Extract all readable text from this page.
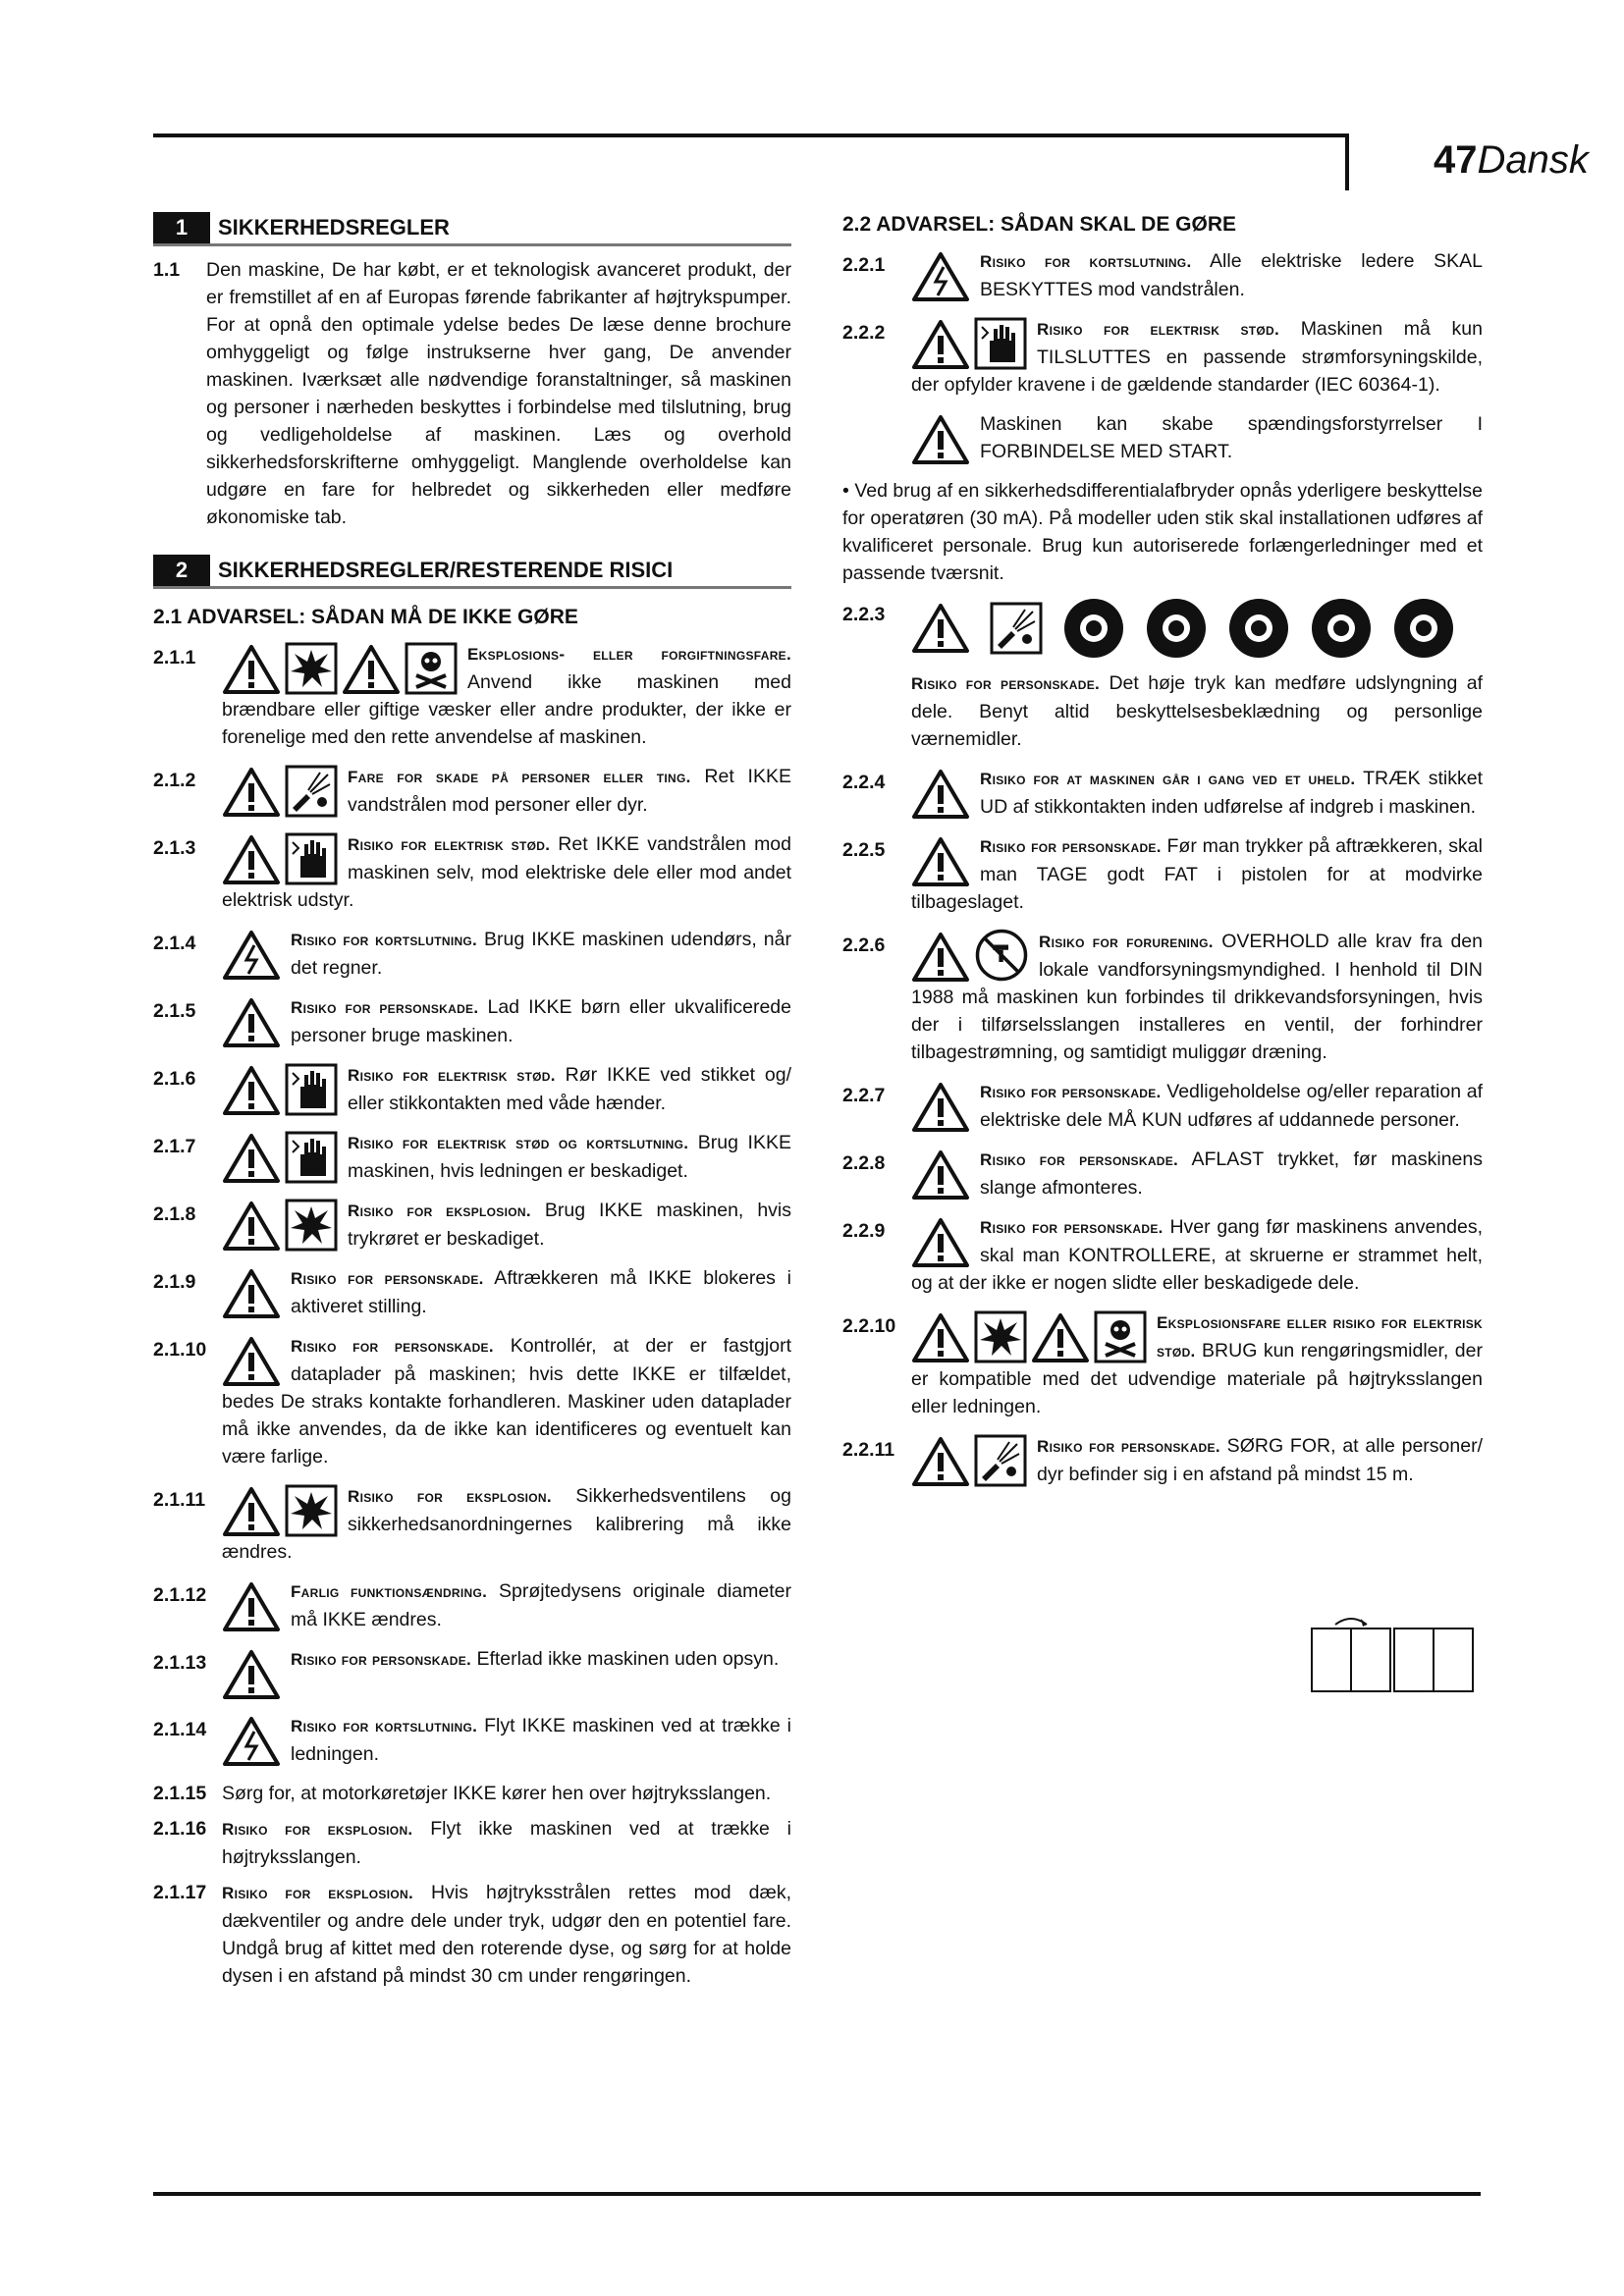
47Dansk
1	SIKKERHEDSREGLER
1.1 Den maskine, De har købt, er et teknologisk avanceret produkt, der er fremstillet af en af Europas førende fabrikanter af højtrykspumper. For at opnå den optimale ydelse bedes De læse denne brochure omhyggeligt og følge instrukserne hver gang, De anvender maskinen. Iværksæt alle nødvendige foranstaltninger, så maskinen og personer i nærheden beskyttes i forbindelse med tilslutning, brug og vedligeholdelse af maskinen. Læs og overhold sikkerhedsforskrifterne omhyggeligt. Manglende overholdelse kan udgøre en fare for helbredet og sikkerheden eller medføre økonomiske tab.
2	SIKKERHEDSREGLER/RESTERENDE RISICI
2.1 ADVARSEL: SÅDAN MÅ DE IKKE GØRE
2.1.1	Eksplosions- eller forgiftningsfare. Anvend ikke maskinen med brændbare eller giftige væsker eller andre produkter, der ikke er forenelige med den rette anvendelse af maskinen.
2.1.2	Fare for skade på personer eller ting. Ret IKKE vandstrålen mod personer eller dyr.
2.1.3	Risiko for elektrisk stød. Ret IKKE vandstrålen mod maskinen selv, mod elektriske dele eller mod andet elektrisk udstyr.
2.1.4	Risiko for kortslutning. Brug IKKE maskinen udendørs, når det regner.
2.1.5	Risiko for personskade. Lad IKKE børn eller ukvalificerede personer bruge maskinen.
2.1.6	Risiko for elektrisk stød. Rør IKKE ved stikket og/ eller stikkontakten med våde hænder.
2.1.7	Risiko for elektrisk stød og kortslutning. Brug IKKE maskinen, hvis ledningen er beskadiget.
2.1.8	Risiko for eksplosion. Brug IKKE maskinen, hvis trykrøret er beskadiget.
2.1.9	Risiko for personskade. Aftrækkeren må IKKE blokeres i aktiveret stilling.
2.1.10	Risiko for personskade. Kontrollér, at der er fastgjort dataplader på maskinen; hvis dette IKKE er tilfældet, bedes De straks kontakte forhandleren. Maskiner uden dataplader må ikke anvendes, da de ikke kan identificeres og eventuelt kan være farlige.
2.1.11	Risiko for eksplosion. Sikkerhedsventilens og sikkerhedsanordningernes kalibrering må ikke ændres.
2.1.12	Farlig funktionsændring. Sprøjtedysens originale diameter må IKKE ændres.
2.1.13	Risiko for personskade. Efterlad ikke maskinen uden opsyn.
2.1.14	Risiko for kortslutning. Flyt IKKE maskinen ved at trække i ledningen.
2.1.15 Sørg for, at motorkøretøjer IKKE kører hen over højtryksslangen.
2.1.16 Risiko for eksplosion. Flyt ikke maskinen ved at trække i højtryksslangen.
2.1.17 Risiko for eksplosion. Hvis højtryksstrålen rettes mod dæk, dækventiler og andre dele under tryk, udgør den en potentiel fare. Undgå brug af kittet med den roterende dyse, og sørg for at holde dysen i en afstand på mindst 30 cm under rengøringen.
2.2 ADVARSEL: SÅDAN SKAL DE GØRE
2.2.1	Risiko for kortslutning. Alle elektriske ledere SKAL BESKYTTES mod vandstrålen.
2.2.2	Risiko for elektrisk stød. Maskinen må kun TILSLUTTES en passende strømforsyningskilde, der opfylder kravene i de gældende standarder (IEC 60364-1).
Maskinen kan skabe spændingsforstyrrelser I FORBINDELSE MED START.
• Ved brug af en sikkerhedsdifferentialafbryder opnås yderligere beskyttelse for operatøren (30 mA). På modeller uden stik skal installationen udføres af kvalificeret personale. Brug kun autoriserede forlængerledninger med et passende tværsnit.
2.2.3
Risiko for personskade. Det høje tryk kan medføre udslyngning af dele. Benyt altid beskyttelsesbeklædning og personlige værnemidler.
2.2.4	Risiko for at maskinen går i gang ved et uheld. TRÆK stikket UD af stikkontakten inden udførelse af indgreb i maskinen.
2.2.5	Risiko for personskade. Før man trykker på aftrækkeren, skal man TAGE godt FAT i pistolen for at modvirke tilbageslaget.
2.2.6	Risiko for forurening. OVERHOLD alle krav fra den lokale vandforsyningsmyndighed. I henhold til DIN 1988 må maskinen kun forbindes til drikkevandsforsyningen, hvis der i tilførselsslangen installeres en ventil, der forhindrer tilbagestrømning, og samtidigt muliggør dræning.
2.2.7	Risiko for personskade. Vedligeholdelse og/eller reparation af elektriske dele MÅ KUN udføres af uddannede personer.
2.2.8	Risiko for personskade. AFLAST trykket, før maskinens slange afmonteres.
2.2.9	Risiko for personskade. Hver gang før maskinens anvendes, skal man KONTROLLERE, at skruerne er strammet helt, og at der ikke er nogen slidte eller beskadigede dele.
2.2.10	Eksplosionsfare eller risiko for elektrisk stød. BRUG kun rengøringsmidler, der er kompatible med det udvendige materiale på højtryksslangen eller ledningen.
2.2.11	Risiko for personskade. SØRG FOR, at alle personer/ dyr befinder sig i en afstand på mindst 15 m.
